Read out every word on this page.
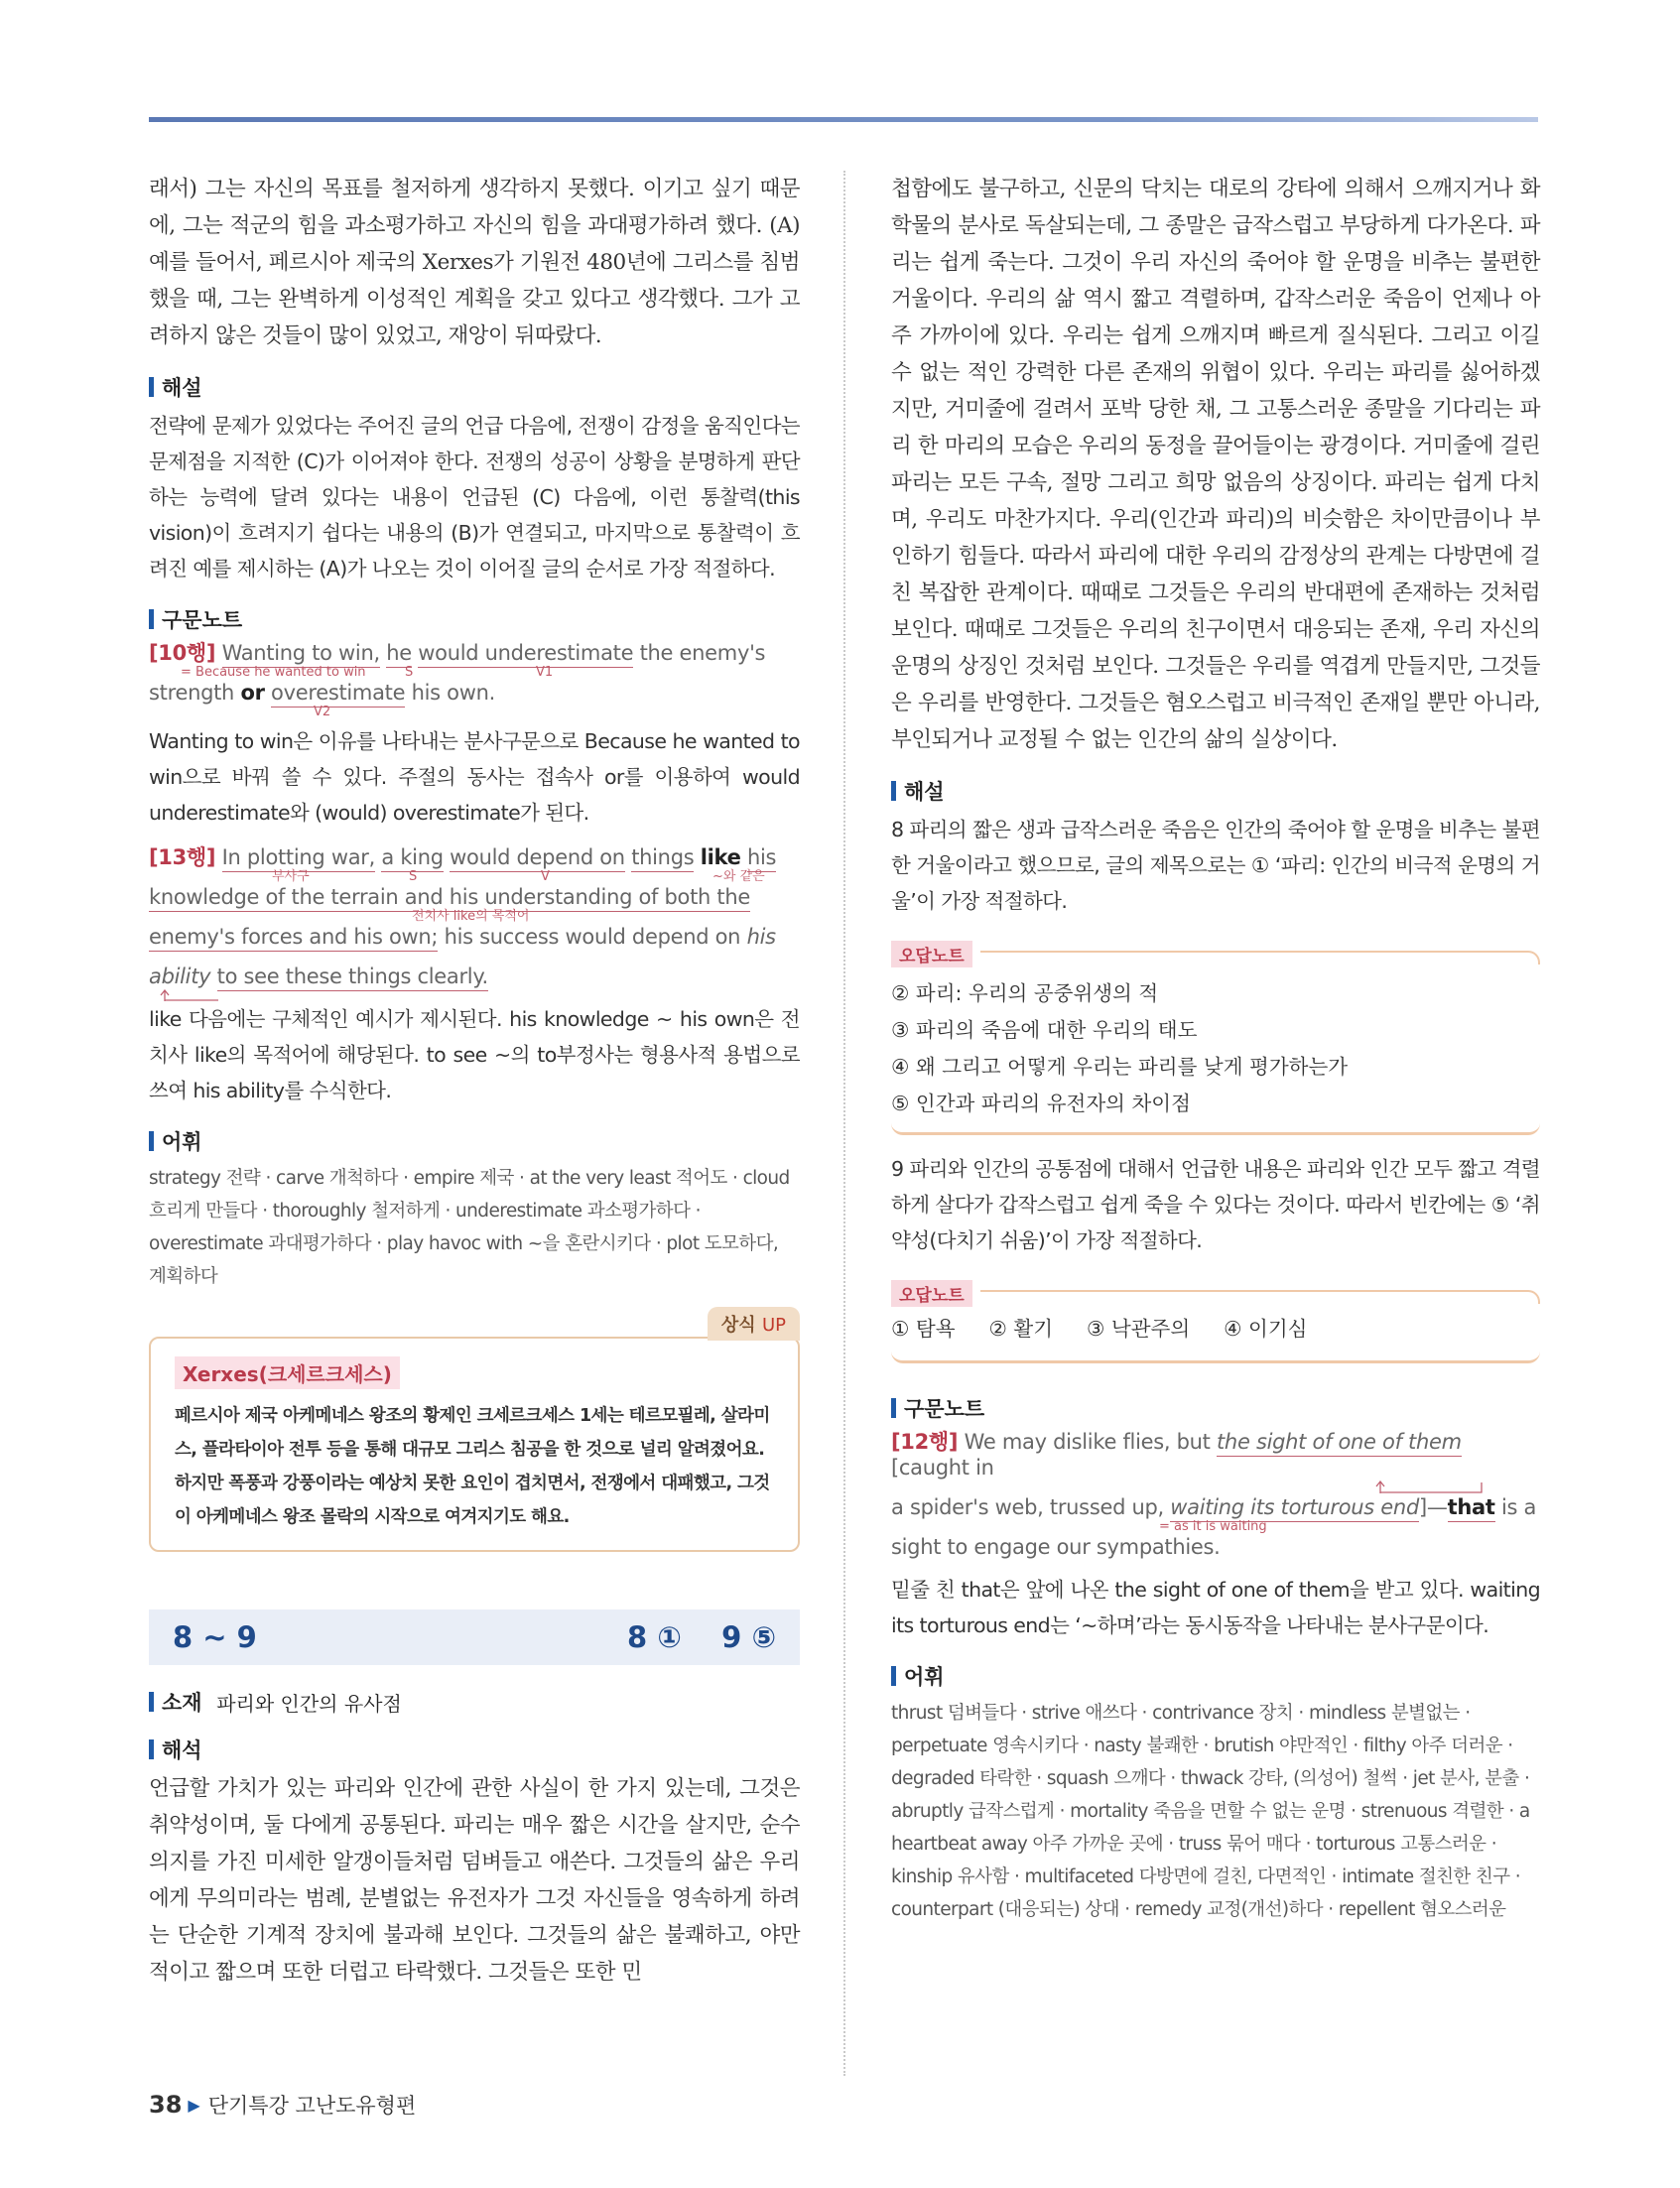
래서) 그는 자신의 목표를 철저하게 생각하지 못했다. 이기고 싶기 때문에, 그는 적군의 힘을 과소평가하고 자신의 힘을 과대평가하려 했다. (A) 예를 들어서, 페르시아 제국의 Xerxes가 기원전 480년에 그리스를 침범했을 때, 그는 완벽하게 이성적인 계획을 갖고 있다고 생각했다. 그가 고려하지 않은 것들이 많이 있었고, 재앙이 뒤따랐다.
해설
전략에 문제가 있었다는 주어진 글의 언급 다음에, 전쟁이 감정을 움직인다는 문제점을 지적한 (C)가 이어져야 한다. 전쟁의 성공이 상황을 분명하게 판단하는 능력에 달려 있다는 내용이 언급된 (C) 다음에, 이런 통찰력(this vision)이 흐려지기 쉽다는 내용의 (B)가 연결되고, 마지막으로 통찰력이 흐려진 예를 제시하는 (A)가 나오는 것이 이어질 글의 순서로 가장 적절하다.
구문노트
[10행] Wanting to win, he would underestimate the enemy's
= Because he wanted to win	S	V1
strength or overestimate his own.
V2
Wanting to win은 이유를 나타내는 분사구문으로 Because he wanted to win으로 바꿔 쓸 수 있다. 주절의 동사는 접속사 or를 이용하여 would underestimate와 (would) overestimate가 된다.
[13행] In plotting war, a king would depend on things like his
부사구	S	V	~와 같은
knowledge of the terrain and his understanding of both the
전치사 like의 목적어
enemy's forces and his own; his success would depend on his
ability to see these things clearly.
like 다음에는 구체적인 예시가 제시된다. his knowledge ~ his own은 전치사 like의 목적어에 해당된다. to see ~의 to부정사는 형용사적 용법으로 쓰여 his ability를 수식한다.
어휘
strategy 전략 · carve 개척하다 · empire 제국 · at the very least 적어도 · cloud 흐리게 만들다 · thoroughly 철저하게 · underestimate 과소평가하다 · overestimate 과대평가하다 · play havoc with ~을 혼란시키다 · plot 도모하다, 계획하다
상식 UP
Xerxes(크세르크세스)
페르시아 제국 아케메네스 왕조의 황제인 크세르크세스 1세는 테르모필레, 살라미스, 플라타이아 전투 등을 통해 대규모 그리스 침공을 한 것으로 널리 알려졌어요. 하지만 폭풍과 강풍이라는 예상치 못한 요인이 겹치면서, 전쟁에서 대패했고, 그것이 아케메네스 왕조 몰락의 시작으로 여겨지기도 해요.
8 ~ 9	8 ①    9 ⑤
소재
파리와 인간의 유사점
해석
언급할 가치가 있는 파리와 인간에 관한 사실이 한 가지 있는데, 그것은 취약성이며, 둘 다에게 공통된다. 파리는 매우 짧은 시간을 살지만, 순수 의지를 가진 미세한 알갱이들처럼 덤벼들고 애쓴다. 그것들의 삶은 우리에게 무의미라는 범례, 분별없는 유전자가 그것 자신들을 영속하게 하려는 단순한 기계적 장치에 불과해 보인다. 그것들의 삶은 불쾌하고, 야만적이고 짧으며 또한 더럽고 타락했다. 그것들은 또한 민
첩함에도 불구하고, 신문의 닥치는 대로의 강타에 의해서 으깨지거나 화학물의 분사로 독살되는데, 그 종말은 급작스럽고 부당하게 다가온다. 파리는 쉽게 죽는다. 그것이 우리 자신의 죽어야 할 운명을 비추는 불편한 거울이다. 우리의 삶 역시 짧고 격렬하며, 갑작스러운 죽음이 언제나 아주 가까이에 있다. 우리는 쉽게 으깨지며 빠르게 질식된다. 그리고 이길 수 없는 적인 강력한 다른 존재의 위협이 있다. 우리는 파리를 싫어하겠지만, 거미줄에 걸려서 포박 당한 채, 그 고통스러운 종말을 기다리는 파리 한 마리의 모습은 우리의 동정을 끌어들이는 광경이다. 거미줄에 걸린 파리는 모든 구속, 절망 그리고 희망 없음의 상징이다. 파리는 쉽게 다치며, 우리도 마찬가지다. 우리(인간과 파리)의 비슷함은 차이만큼이나 부인하기 힘들다. 따라서 파리에 대한 우리의 감정상의 관계는 다방면에 걸친 복잡한 관계이다. 때때로 그것들은 우리의 반대편에 존재하는 것처럼 보인다. 때때로 그것들은 우리의 친구이면서 대응되는 존재, 우리 자신의 운명의 상징인 것처럼 보인다. 그것들은 우리를 역겹게 만들지만, 그것들은 우리를 반영한다. 그것들은 혐오스럽고 비극적인 존재일 뿐만 아니라, 부인되거나 교정될 수 없는 인간의 삶의 실상이다.
해설
8 파리의 짧은 생과 급작스러운 죽음은 인간의 죽어야 할 운명을 비추는 불편한 거울이라고 했으므로, 글의 제목으로는 ① ‘파리: 인간의 비극적 운명의 거울’이 가장 적절하다.
오답노트
② 파리: 우리의 공중위생의 적
③ 파리의 죽음에 대한 우리의 태도
④ 왜 그리고 어떻게 우리는 파리를 낮게 평가하는가
⑤ 인간과 파리의 유전자의 차이점
9 파리와 인간의 공통점에 대해서 언급한 내용은 파리와 인간 모두 짧고 격렬하게 살다가 갑작스럽고 쉽게 죽을 수 있다는 것이다. 따라서 빈칸에는 ⑤ ‘취약성(다치기 쉬움)’이 가장 적절하다.
오답노트
① 탐욕 ② 활기 ③ 낙관주의 ④ 이기심
구문노트
[12행] We may dislike flies, but the sight of one of them [caught in
a spider's web, trussed up, waiting its torturous end]—that is a
= as it is waiting
sight to engage our sympathies.
밑줄 친 that은 앞에 나온 the sight of one of them을 받고 있다. waiting its torturous end는 ‘~하며’라는 동시동작을 나타내는 분사구문이다.
어휘
thrust 덤벼들다 · strive 애쓰다 · contrivance 장치 · mindless 분별없는 · perpetuate 영속시키다 · nasty 불쾌한 · brutish 야만적인 · filthy 아주 더러운 · degraded 타락한 · squash 으깨다 · thwack 강타, (의성어) 철썩 · jet 분사, 분출 · abruptly 급작스럽게 · mortality 죽음을 면할 수 없는 운명 · strenuous 격렬한 · a heartbeat away 아주 가까운 곳에 · truss 묶어 매다 · torturous 고통스러운 · kinship 유사함 · multifaceted 다방면에 걸친, 다면적인 · intimate 절친한 친구 · counterpart (대응되는) 상대 · remedy 교정(개선)하다 · repellent 혐오스러운
38 ▶ 단기특강 고난도유형편
